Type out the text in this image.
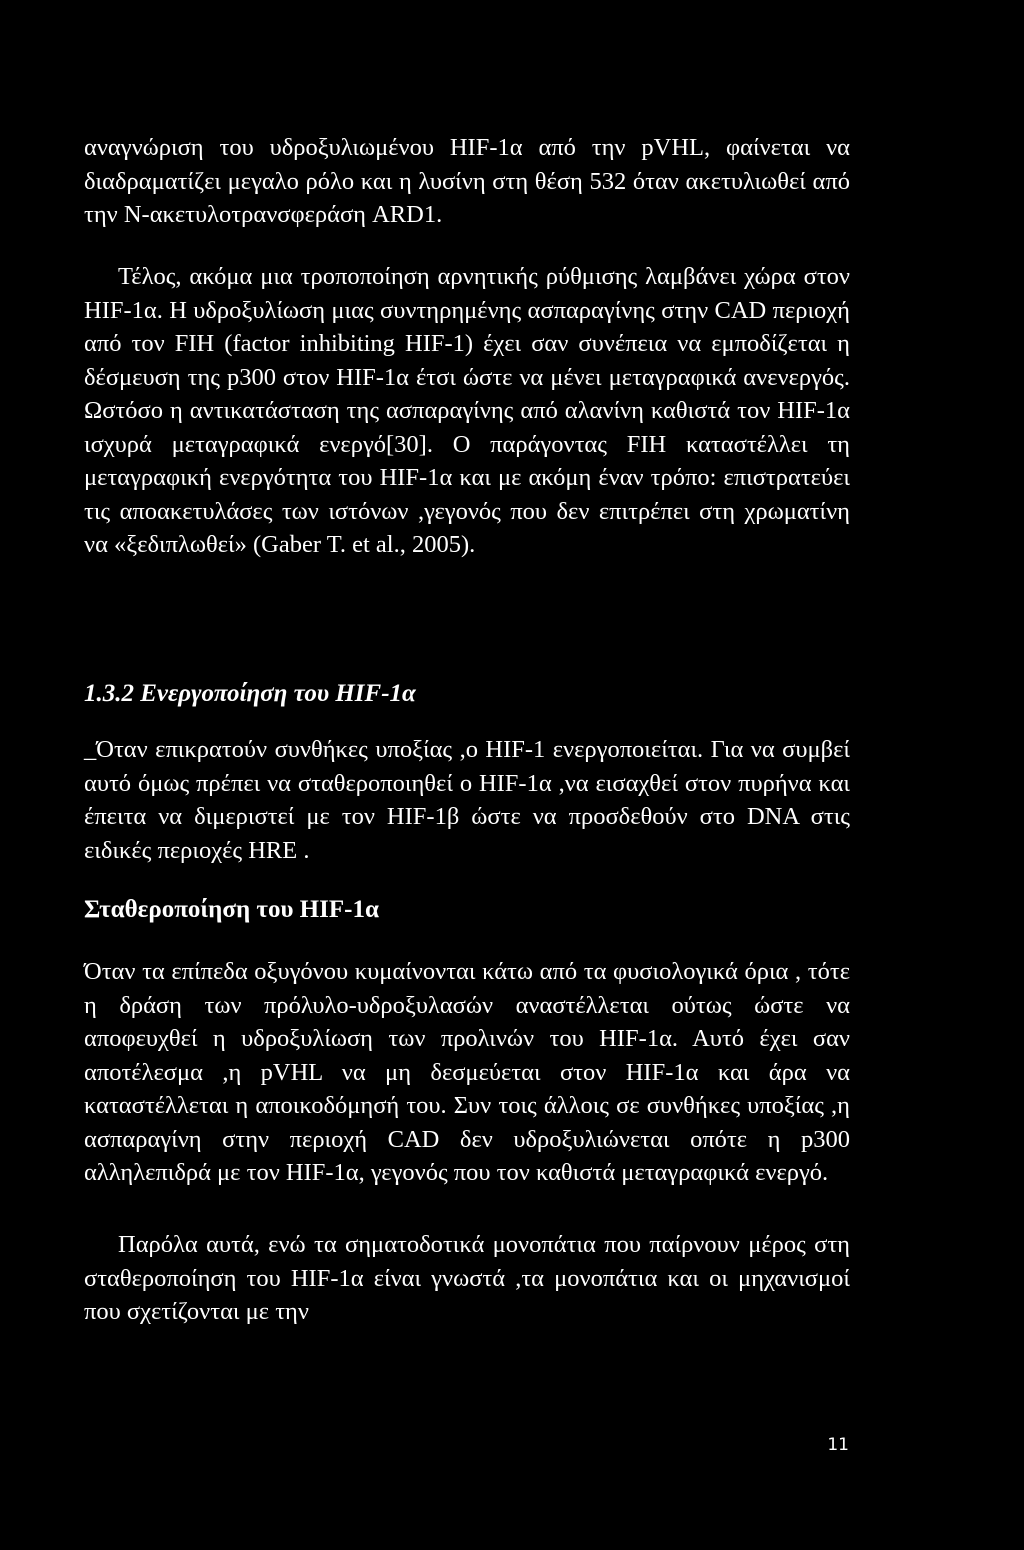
αναγνώριση του υδροξυλιωμένου HIF-1α από την pVHL, φαίνεται να διαδραματίζει μεγαλο ρόλο και η λυσίνη στη θέση 532 όταν ακετυλιωθεί από την Ν-ακετυλοτρανσφεράση ARD1.

Τέλος, ακόμα μια τροποποίηση αρνητικής ρύθμισης λαμβάνει χώρα στον HIF-1α. Η υδροξυλίωση μιας συντηρημένης ασπαραγίνης στην CAD περιοχή από τον FIH (factor inhibiting HIF-1) έχει σαν συνέπεια να εμποδίζεται η δέσμευση της p300 στον HIF-1α έτσι ώστε να μένει μεταγραφικά ανενεργός. Ωστόσο η αντικατάσταση της ασπαραγίνης από αλανίνη καθιστά τον HIF-1α ισχυρά μεταγραφικά ενεργό[30]. Ο παράγοντας FIH καταστέλλει τη μεταγραφική ενεργότητα του HIF-1α και με ακόμη έναν τρόπο: επιστρατεύει τις αποακετυλάσες των ιστόνων ,γεγονός που δεν επιτρέπει στη χρωματίνη να «ξεδιπλωθεί» (Gaber T. et al., 2005).

1.3.2 Ενεργοποίηση του HIF-1α

_Όταν επικρατούν συνθήκες υποξίας ,ο HIF-1 ενεργοποιείται. Για να συμβεί αυτό όμως πρέπει να σταθεροποιηθεί ο HIF-1α ,να εισαχθεί στον πυρήνα και έπειτα να διμεριστεί με τον HIF-1β ώστε να προσδεθούν στο DNA στις ειδικές περιοχές HRE .

Σταθεροποίηση του HIF-1α

Όταν τα επίπεδα οξυγόνου κυμαίνονται κάτω από τα φυσιολογικά όρια , τότε η δράση των πρόλυλο-υδροξυλασών αναστέλλεται ούτως ώστε να αποφευχθεί η υδροξυλίωση των προλινών του HIF-1α. Αυτό έχει σαν αποτέλεσμα ,η pVHL να μη δεσμεύεται στον HIF-1α και άρα να καταστέλλεται η αποικοδόμησή του. Συν τοις άλλοις σε συνθήκες υποξίας ,η ασπαραγίνη στην περιοχή CAD δεν υδροξυλιώνεται οπότε η p300 αλληλεπιδρά με τον HIF-1α, γεγονός που τον καθιστά μεταγραφικά ενεργό.

Παρόλα αυτά, ενώ τα σηματοδοτικά μονοπάτια που παίρνουν μέρος στη σταθεροποίηση του HIF-1α είναι γνωστά ,τα μονοπάτια και οι μηχανισμοί που σχετίζονται με την

11
